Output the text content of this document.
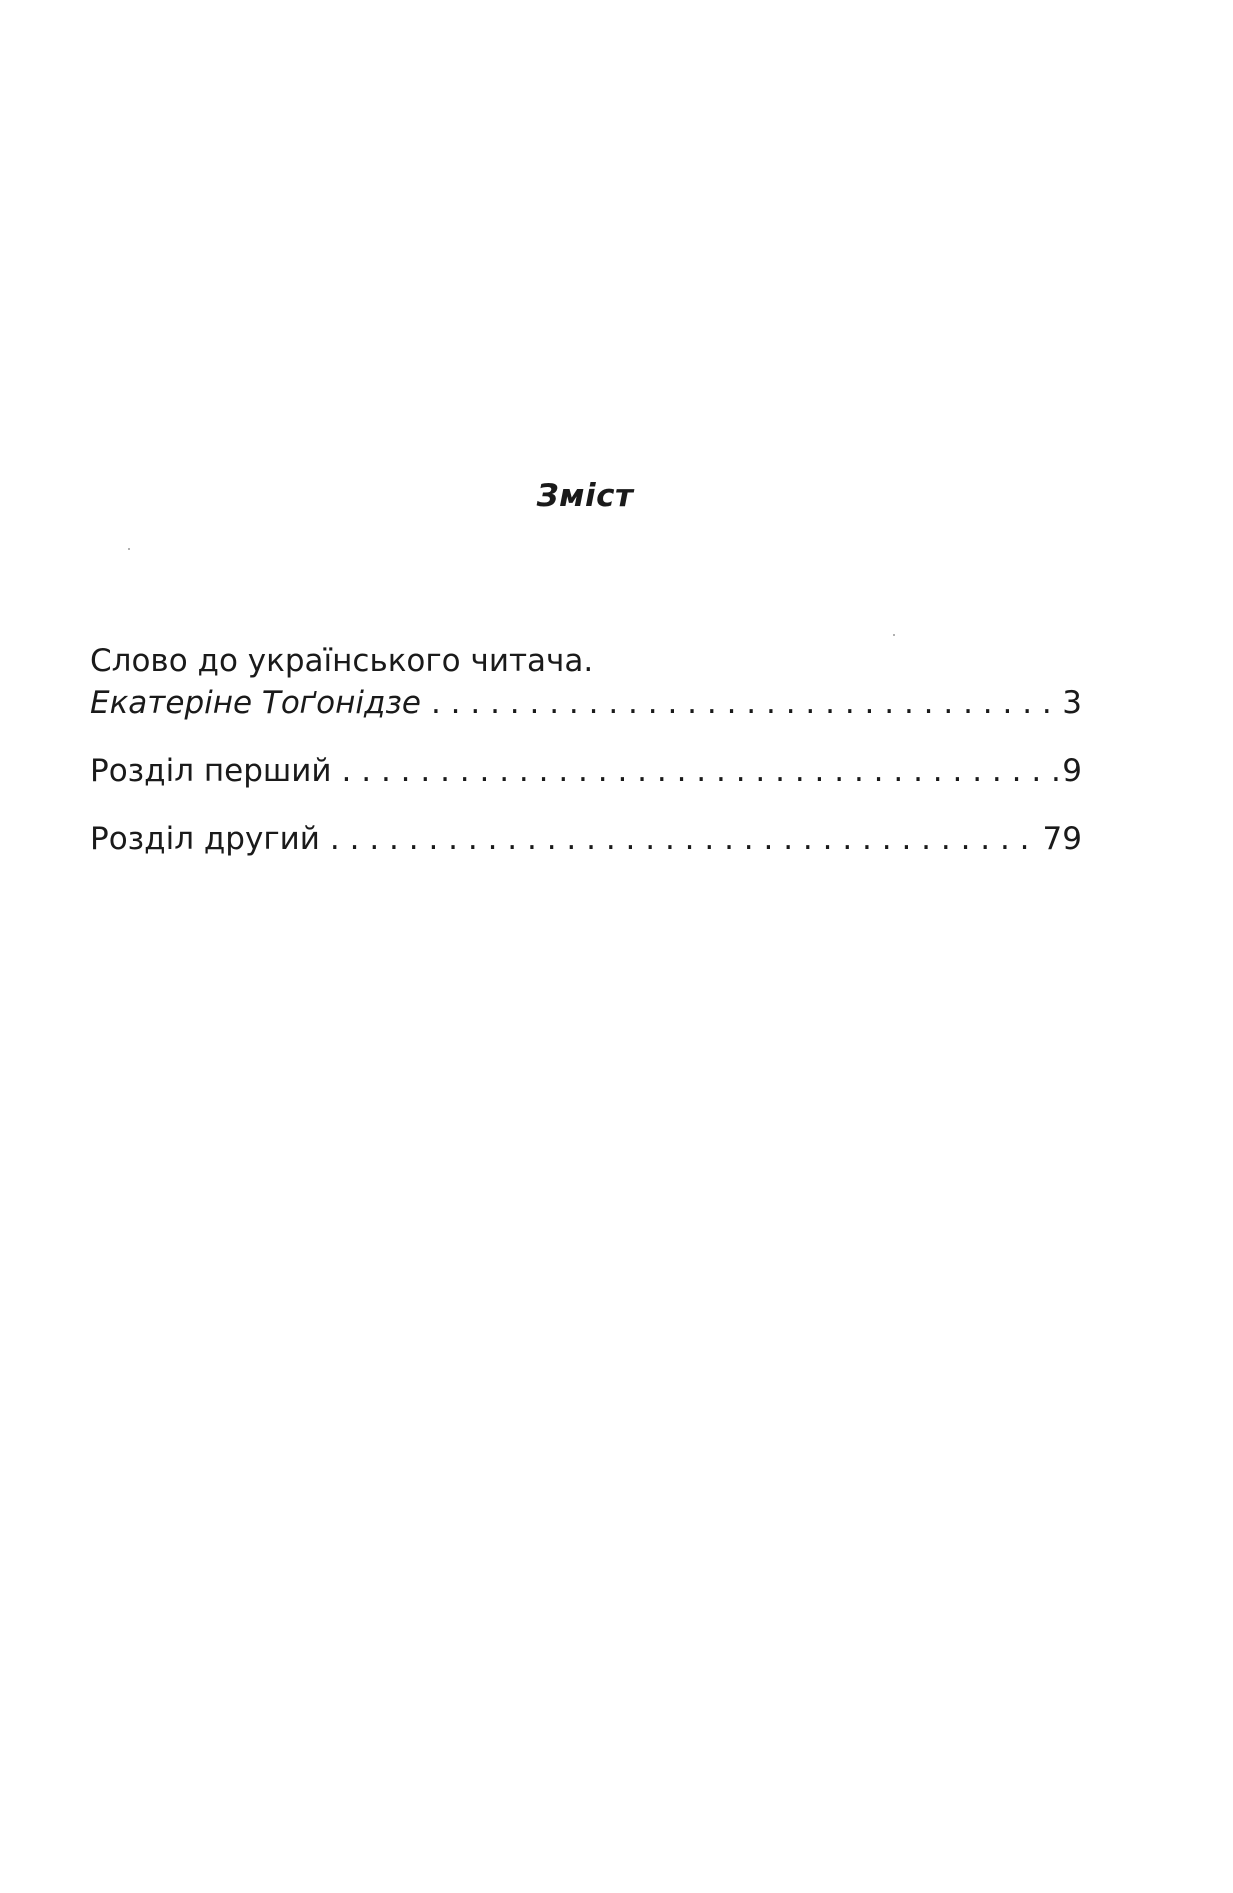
Зміст
Слово до українського читача.
Екатеріне Тоґонідзе . . .	3
Розділ перший . . .	9
Розділ другий . . .	79
